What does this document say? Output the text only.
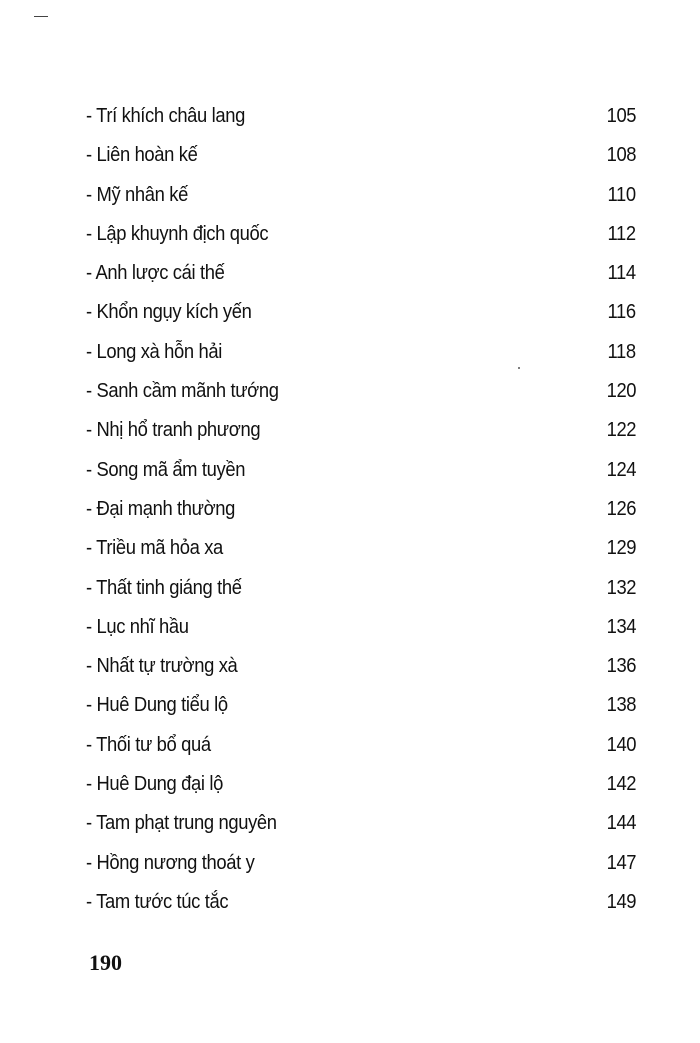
- Trí khích châu lang	105
- Liên hoàn kế	108
- Mỹ nhân kế	110
- Lập khuynh địch quốc	112
- Anh lược cái thế	114
- Khổn ngụy kích yến	116
- Long xà hỗn hải	118
- Sanh cầm mãnh tướng	120
- Nhị hổ tranh phương	122
- Song mã ẩm tuyền	124
- Đại mạnh thường	126
- Triều mã hỏa xa	129
- Thất tinh giáng thế	132
- Lục nhĩ hầu	134
- Nhất tự trường xà	136
- Huê Dung tiểu lộ	138
- Thối tư bổ quá	140
- Huê Dung đại lộ	142
- Tam phạt trung nguyên	144
- Hồng nương thoát y	147
- Tam tước túc tắc	149
190
